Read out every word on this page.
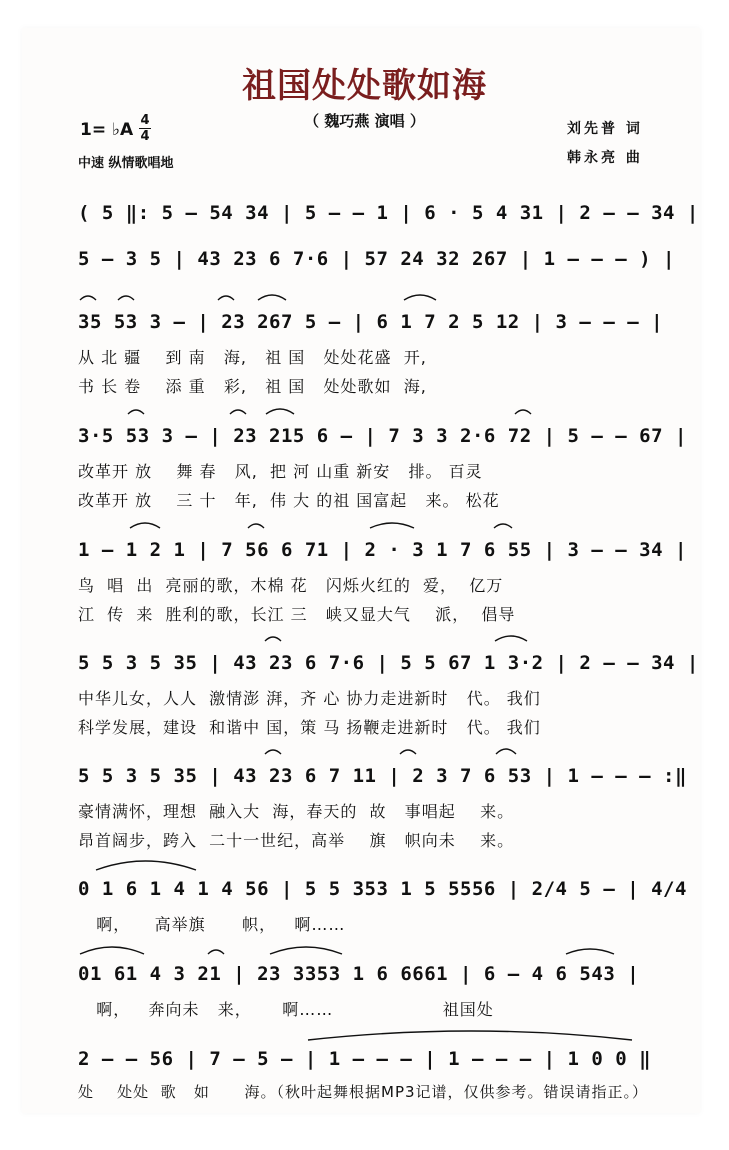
祖国处处歌如海
（ 魏巧燕 演唱 ）
1= ♭A 4
4
中速 纵情歌唱地
刘先普 词
韩永亮 曲
( 5 ‖: 5 – 54 34 | 5 – – 1 | 6 · 5 4 31 | 2 – – 34 |
5 – 3 5 | 43 23 6 7·6 | 57 24 32 267 | 1 – – – ) |
35 53 3 – | 23 267 5 – | 6 1 7 2 5 12 | 3 – – – |
从 北 疆    到 南   海,   祖 国   处处花盛  开,
书 长 卷    添 重   彩,   祖 国   处处歌如  海,
3·5 53 3 – | 23 215 6 – | 7 3 3 2·6 72 | 5 – – 67 |
改革开 放    舞 春   风,  把 河 山重 新安   排。 百灵
改革开 放    三 十   年,  伟 大 的祖 国富起   来。 松花
1 – 1 2 1 | 7 56 6 71 | 2 · 3 1 7 6 55 | 3 – – 34 |
鸟  唱  出  亮丽的歌，木棉 花   闪烁火红的  爱，  亿万
江  传  来  胜利的歌，长江 三   峡又显大气    派，  倡导
5 5 3 5 35 | 43 23 6 7·6 | 5 5 67 1 3·2 | 2 – – 34 |
中华儿女，人人  激情澎 湃，齐 心 协力走进新时   代。 我们
科学发展，建设  和谐中 国，策 马 扬鞭走进新时   代。 我们
5 5 3 5 35 | 43 23 6 7 11 | 2 3 7 6 53 | 1 – – – :‖
豪情满怀，理想  融入大  海，春天的  故   事唱起    来。
昂首阔步，跨入  二十一世纪，高举    旗   帜向未    来。
0 1 6 1 4 1 4 56 | 5 5 353 1 5 5556 | 2/4 5 – | 4/4
啊，    高举旗      帜，   啊……
01 61 4 3 21 | 23 3353 1 6 6661 | 6 – 4 6 543 |
啊，   奔向未   来，     啊……                  祖国处
2 – – 56 | 7 – 5 – | 1 – – – | 1 – – – | 1 0 0 ‖
处    处处  歌   如      海。（秋叶起舞根据MP3记谱，仅供参考。错误请指正。）
